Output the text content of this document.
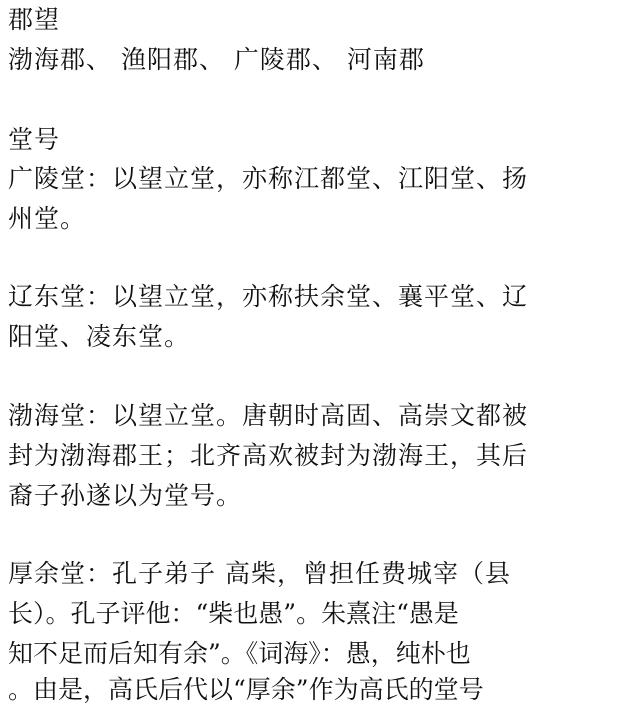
郡望
渤海郡、 渔阳郡、 广陵郡、 河南郡
堂号
广陵堂：以望立堂，亦称江都堂、江阳堂、扬
州堂。
辽东堂：以望立堂，亦称扶余堂、襄平堂、辽
阳堂、凌东堂。
渤海堂：以望立堂。唐朝时高固、高崇文都被
封为渤海郡王；北齐高欢被封为渤海王，其后
裔子孙遂以为堂号。
厚余堂：孔子弟子 高柴，曾担任费城宰（县
长）。孔子评他：“柴也愚”。朱熹注“愚是
知不足而后知有余”。《词海》：愚，纯朴也
。由是，高氏后代以“厚余”作为高氏的堂号
